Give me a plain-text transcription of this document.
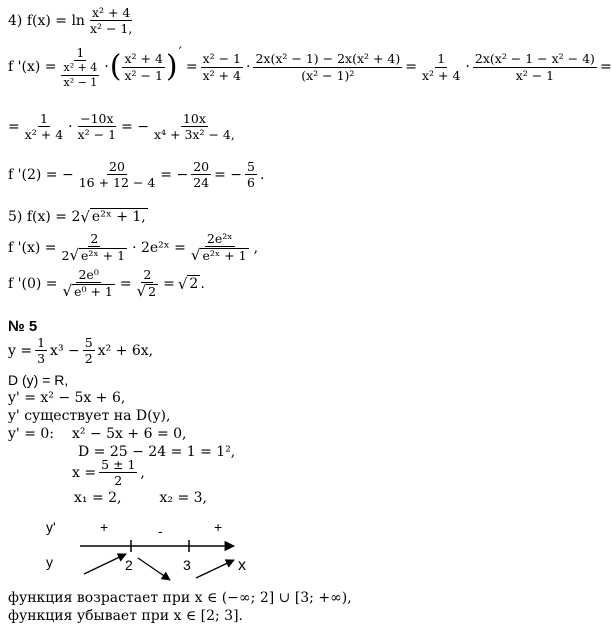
4) $f(x) = \ln \frac{\text{x² + 4}}{\text{x² − 1,}}$
f '$(x) = \frac{1}{\frac{\text{x² + 4}}{\text{x² − 1}}}$ · ( $\frac{\text{x² + 4}}{\text{x² − 1}}$ ) ′
= $\frac{\text{x² − 1}}{\text{x² + 4}} \cdot \frac{\text{2x(x² − 1) − 2x(x² + 4)}}{\text{(x² − 1)²}} = \frac{1}{\text{x² + 4}} \cdot \frac{\text{2x(x² − 1 − x² − 4)}}{\text{x² − 1}}$ =
= $\frac{1}{\text{x² + 4}} \cdot \frac{-10x}{\text{x² − 1}}$ = − $\frac{10x}{\text{x⁴ + 3x² − 4,}}$
f '(2) = − $\frac{20}{16 + 12 - 4}$ = − $\frac{20}{24}$ = − $\frac{5}{6}$ .
5) f(x) = 2 √ e²ˣ + 1,
f '$(x) = \frac{2}{\text{2 √ e²ˣ + 1}}$ · 2e²ˣ = $\frac{\text{2e²ˣ}}{\text{√ e²ˣ + 1}}$ ,
f '$(0) = \frac{\text{2e⁰}}{\text{√ e⁰ + 1}} = \frac{2}{√ 2}$ = √ 2 .
№ 5
$y = \frac{1}{3} x^3 - \frac{5}{2} x^2 + 6x$,
D (y) = R,
y' = x² − 5x + 6,
y' существует на D(y),
y' = 0: x² − 5x + 6 = 0,
D = 25 − 24 = 1 = 1²,
$x = \frac{5 \pm 1}{2}$ ,
x₁ = 2,	x₂ = 3,
y'	+	-	+
y	2	3	x
функция возрастает при x ∈ (−∞; 2] ∪ [3; +∞),
функция убывает при x ∈ [2; 3].
